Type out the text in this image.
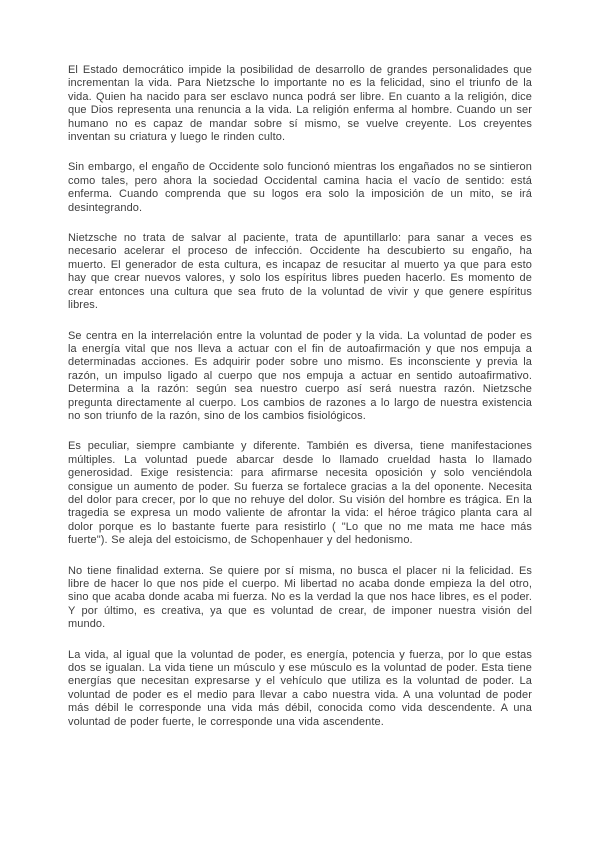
El Estado democrático impide la posibilidad de desarrollo de grandes personalidades que incrementan la vida. Para Nietzsche lo importante no es la felicidad, sino el triunfo de la vida. Quien ha nacido para ser esclavo nunca podrá ser libre. En cuanto a la religión, dice que Dios representa una renuncia a la vida. La religión enferma al hombre. Cuando un ser humano no es capaz de mandar sobre sí mismo, se vuelve creyente. Los creyentes inventan su criatura y luego le rinden culto.

Sin embargo, el engaño de Occidente solo funcionó mientras los engañados no se sintieron como tales, pero ahora la sociedad Occidental camina hacia el vacío de sentido: está enferma. Cuando comprenda que su logos era solo la imposición de un mito, se irá desintegrando.

Nietzsche no trata de salvar al paciente, trata de apuntillarlo: para sanar a veces es necesario acelerar el proceso de infección. Occidente ha descubierto su engaño, ha muerto. El generador de esta cultura, es incapaz de resucitar al muerto ya que para esto hay que crear nuevos valores, y solo los espíritus libres pueden hacerlo. Es momento de crear entonces una cultura que sea fruto de la voluntad de vivir y que genere espíritus libres.

Se centra en la interrelación entre la voluntad de poder y la vida. La voluntad de poder es la energía vital que nos lleva a actuar con el fin de autoafirmación y que nos empuja a determinadas acciones. Es adquirir poder sobre uno mismo. Es inconsciente y previa la razón, un impulso ligado al cuerpo que nos empuja a actuar en sentido autoafirmativo. Determina a la razón: según sea nuestro cuerpo así será nuestra razón. Nietzsche pregunta directamente al cuerpo. Los cambios de razones a lo largo de nuestra existencia no son triunfo de la razón, sino de los cambios fisiológicos.

Es peculiar, siempre cambiante y diferente. También es diversa, tiene manifestaciones múltiples. La voluntad puede abarcar desde lo llamado crueldad hasta lo llamado generosidad. Exige resistencia: para afirmarse necesita oposición y solo venciéndola consigue un aumento de poder. Su fuerza se fortalece gracias a la del oponente. Necesita del dolor para crecer, por lo que no rehuye del dolor. Su visión del hombre es trágica. En la tragedia se expresa un modo valiente de afrontar la vida: el héroe trágico planta cara al dolor porque es lo bastante fuerte para resistirlo ( "Lo que no me mata me hace más fuerte"). Se aleja del estoicismo, de Schopenhauer y del hedonismo.

No tiene finalidad externa. Se quiere por sí misma, no busca el placer ni la felicidad. Es libre de hacer lo que nos pide el cuerpo. Mi libertad no acaba donde empieza la del otro, sino que acaba donde acaba mi fuerza. No es la verdad la que nos hace libres, es el poder. Y por último, es creativa, ya que es voluntad de crear, de imponer nuestra visión del mundo.

La vida, al igual que la voluntad de poder, es energía, potencia y fuerza, por lo que estas dos se igualan. La vida tiene un músculo y ese músculo es la voluntad de poder. Esta tiene energías que necesitan expresarse y el vehículo que utiliza es la voluntad de poder. La voluntad de poder es el medio para llevar a cabo nuestra vida. A una voluntad de poder más débil le corresponde una vida más débil, conocida como vida descendente. A una voluntad de poder fuerte, le corresponde una vida ascendente.
